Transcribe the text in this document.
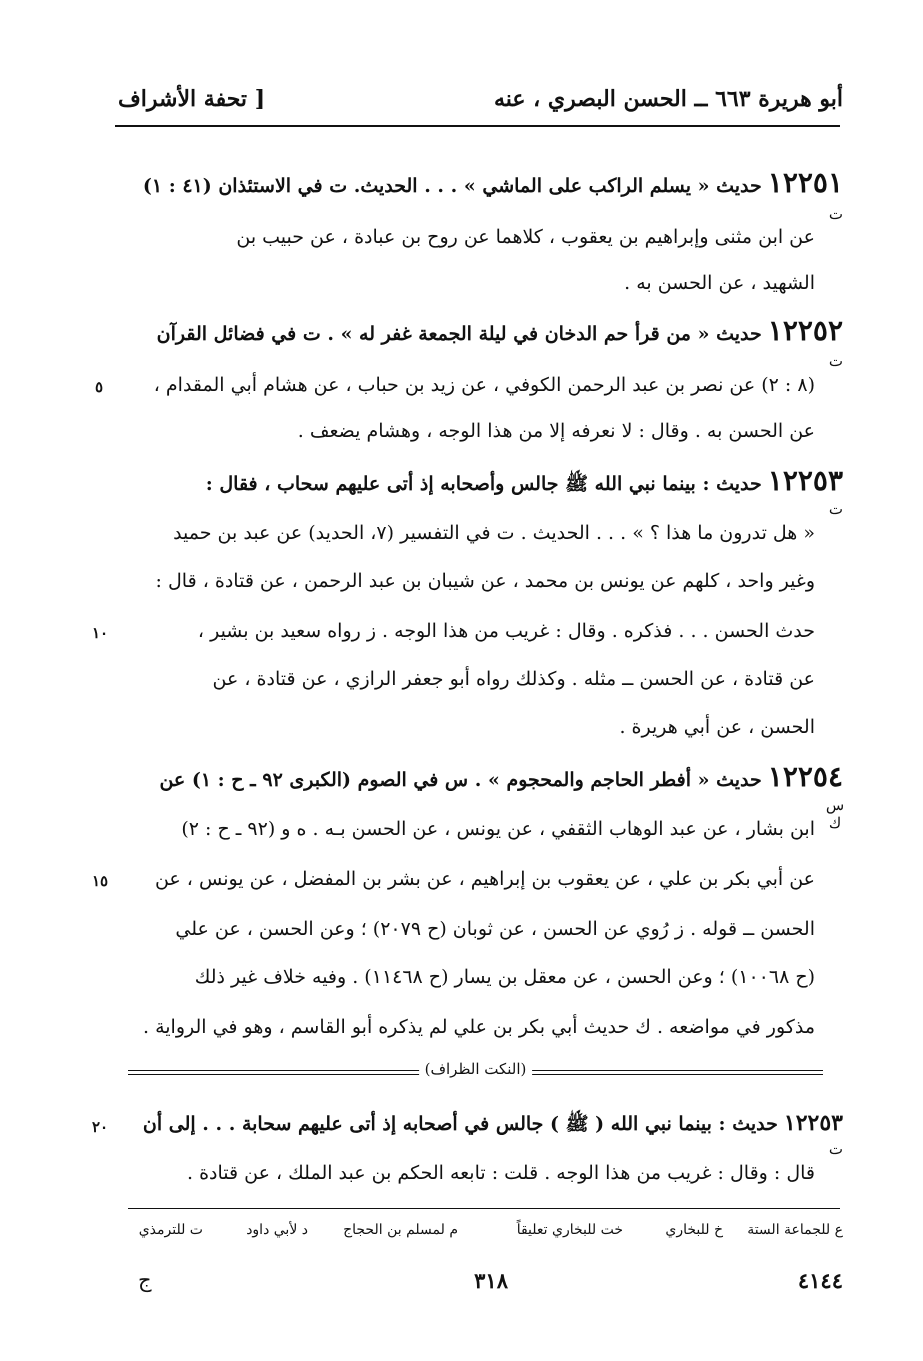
أبو هريرة ٦٦٣ ــ الحسن البصري ، عنه
[ تحفة الأشراف
١٢٢٥١ حديث « يسلم الراكب على الماشي » . . . الحديث. ت في الاستئذان (٤١ : ١)
ت
عن ابن مثنى وإبراهيم بن يعقوب ، كلاهما عن روح بن عبادة ، عن حبيب بن
الشهيد ، عن الحسن به .
١٢٢٥٢ حديث « من قرأ حم الدخان في ليلة الجمعة غفر له » . ت في فضائل القرآن
ت
(٨ : ٢) عن نصر بن عبد الرحمن الكوفي ، عن زيد بن حباب ، عن هشام أبي المقدام ،
٥
عن الحسن به . وقال : لا نعرفه إلا من هذا الوجه ، وهشام يضعف .
١٢٢٥٣ حديث : بينما نبي الله ﷺ جالس وأصحابه إذ أتى عليهم سحاب ، فقال :
ت
« هل تدرون ما هذا ؟ » . . . الحديث . ت في التفسير (٧، الحديد) عن عبد بن حميد
وغير واحد ، كلهم عن يونس بن محمد ، عن شيبان بن عبد الرحمن ، عن قتادة ، قال :
حدث الحسن . . . فذكره . وقال : غريب من هذا الوجه . ز رواه سعيد بن بشير ،
١٠
عن قتادة ، عن الحسن ــ مثله . وكذلك رواه أبو جعفر الرازي ، عن قتادة ، عن
الحسن ، عن أبي هريرة .
١٢٢٥٤ حديث « أفطر الحاجم والمحجوم » . س في الصوم (الكبرى ٩٢ ـ ح : ١) عن
س ك
ابن بشار ، عن عبد الوهاب الثقفي ، عن يونس ، عن الحسن بـه . ه و (٩٢ ـ ح : ٢)
عن أبي بكر بن علي ، عن يعقوب بن إبراهيم ، عن بشر بن المفضل ، عن يونس ، عن
١٥
الحسن ــ قوله . ز رُوي عن الحسن ، عن ثوبان (ح ٢٠٧٩) ؛ وعن الحسن ، عن علي
(ح ١٠٠٦٨) ؛ وعن الحسن ، عن معقل بن يسار (ح ١١٤٦٨) . وفيه خلاف غير ذلك
مذكور في مواضعه . ك حديث أبي بكر بن علي لم يذكره أبو القاسم ، وهو في الرواية .
(النكت الظراف)
١٢٢٥٣ حديث : بينما نبي الله ( ﷺ ) جالس في أصحابه إذ أتى عليهم سحابة . . . إلى أن
٢٠
ت
قال : وقال : غريب من هذا الوجه . قلت : تابعه الحكم بن عبد الملك ، عن قتادة .
ع للجماعة الستة
خ للبخاري
خت للبخاري تعليقاً
م لمسلم بن الحجاج
د لأبي داود
ت للترمذي
٤١٤٤
٣١٨
ج
